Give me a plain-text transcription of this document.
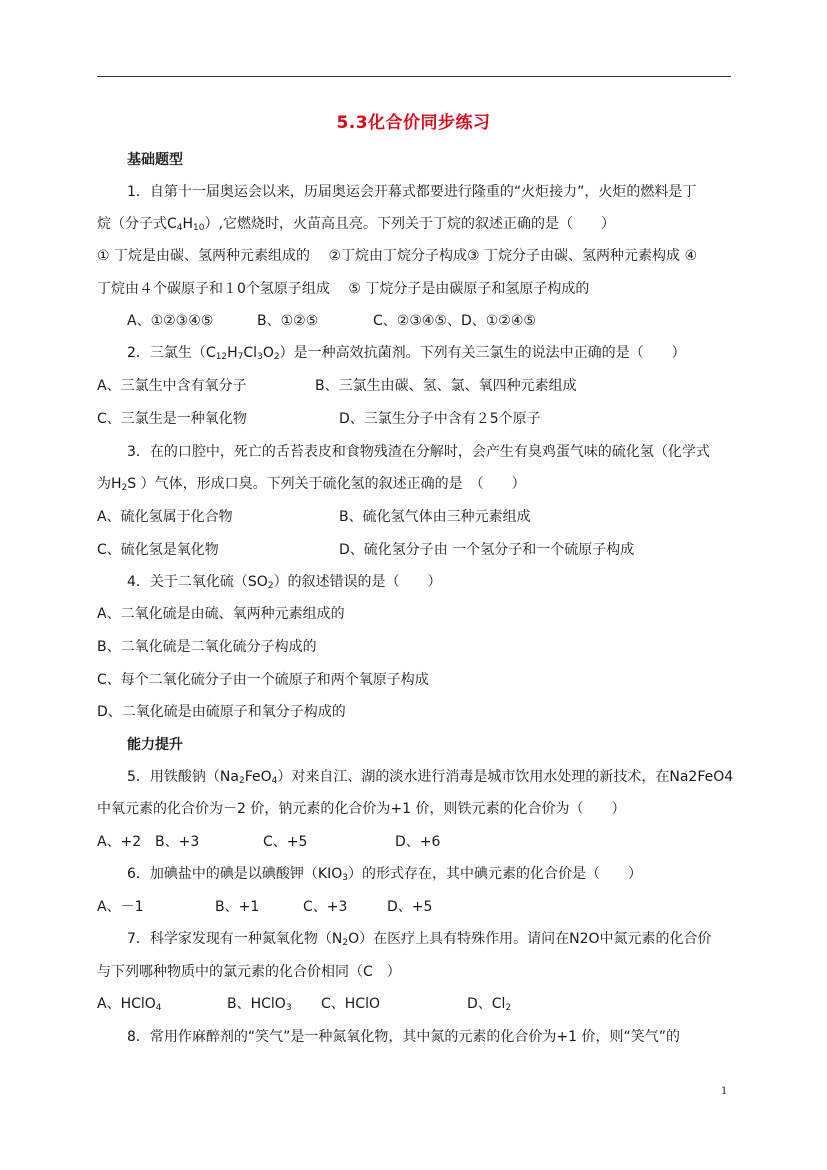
5.3化合价同步练习
基础题型
1．自第十一届奥运会以来，历届奥运会开幕式都要进行隆重的“火炬接力”，火炬的燃料是丁
烷（分子式$C_4H_{10}$）,它燃烧时，火苗高且亮。下列关于丁烷的叙述正确的是（　　）
① 丁烷是由碳、氢两种元素组成的　 ②丁烷由丁烷分子构成③ 丁烷分子由碳、氢两种元素构成 ④
丁烷由４个碳原子和１0个氢原子组成　 ⑤ 丁烷分子是由碳原子和氢原子构成的
A、①②③④⑤	B、①②⑤	C、②③④⑤、D、①②④⑤
2．三氯生$(C_{12}H_7Cl_3O_2)$是一种高效抗菌剂。下列有关三氯生的说法中正确的是（　　）
A、三氯生中含有氧分子	B、三氯生由碳、氢、氯、氧四种元素组成
C、三氯生是一种氧化物	D、三氯生分子中含有２5个原子
3．在的口腔中，死亡的舌苔表皮和食物残渣在分解时，会产生有臭鸡蛋气味的硫化氢（化学式
为$H_2S$ ）气体，形成口臭。下列关于硫化氢的叙述正确的是　（　　）
A、硫化氢属于化合物	B、硫化氢气体由三种元素组成
C、硫化氢是氧化物	D、硫化氢分子由 一个氢分子和一个硫原子构成
4．关于二氧化硫$(SO_2)$的叙述错误的是（　　）
A、二氧化硫是由硫、氧两种元素组成的
B、二氧化硫是二氧化硫分子构成的
C、每个二氧化硫分子由一个硫原子和两个氧原子构成
D、二氧化硫是由硫原子和氧分子构成的
能力提升
5．用铁酸钠$(Na_2FeO_4)$对来自江、湖的淡水进行消毒是城市饮用水处理的新技术，在Na2FeO4
中氧元素的化合价为－2 价，钠元素的化合价为+1 价，则铁元素的化合价为（　　）
A、+2 B、+3	C、+5	D、+6
6．加碘盐中的碘是以碘酸钾$(KIO_3)$的形式存在，其中碘元素的化合价是（　　）
A、－1	B、+1	C、+3	D、+5
7．科学家发现有一种氮氧化物$(N_2O)$在医疗上具有特殊作用。请问在N2O中氮元素的化合价
与下列哪种物质中的氯元素的化合价相同（C　）
A、HClO$_4$	B、HClO$_3$ C、HClO	D、$Cl_2$
8．常用作麻醉剂的“笑气”是一种氮氧化物，其中氮的元素的化合价为+1 价，则“笑气”的
1
